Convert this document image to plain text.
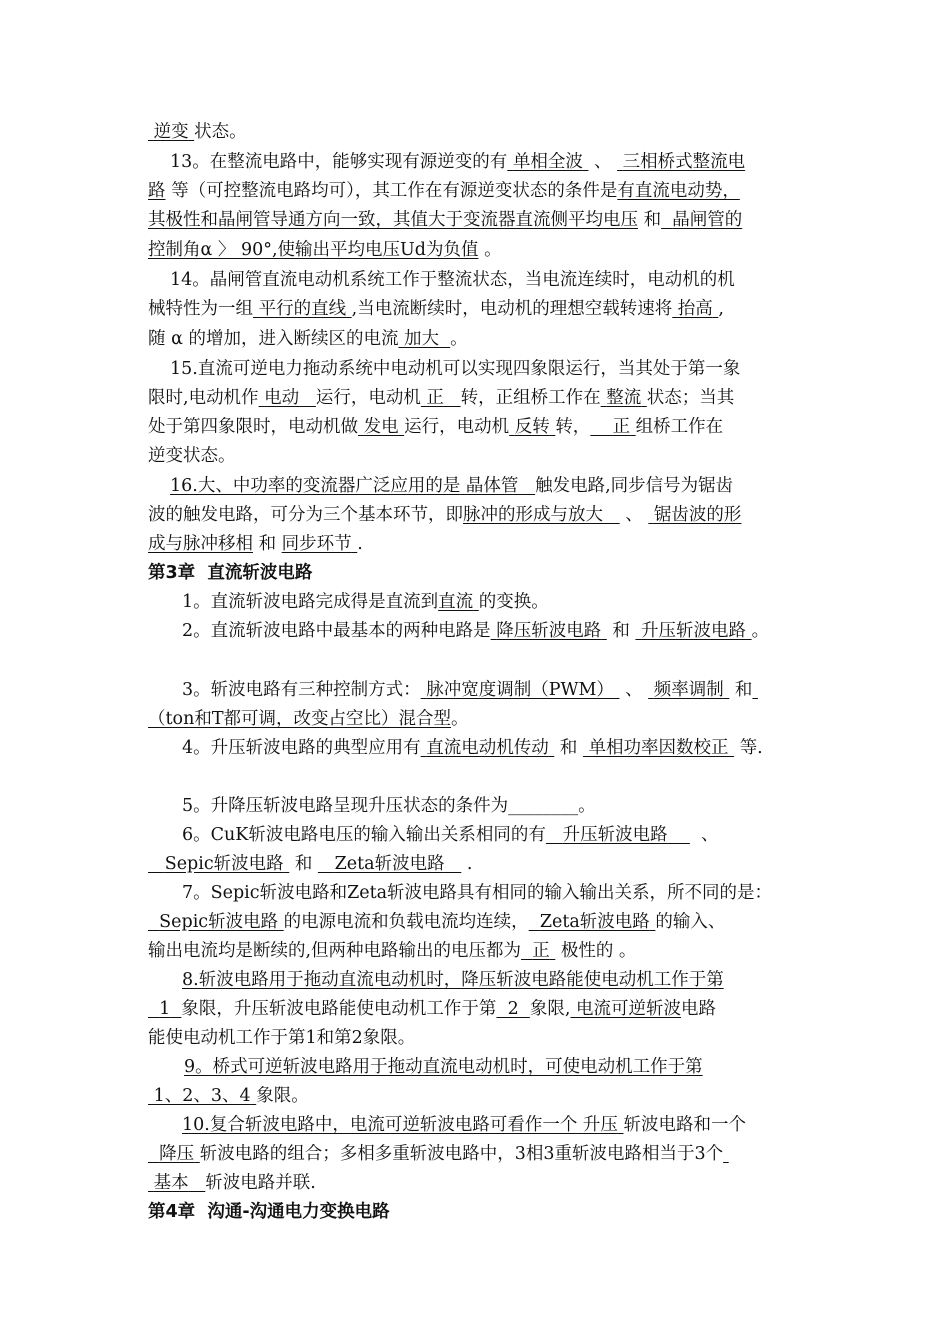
逆变 状态。
13。在整流电路中，能够实现有源逆变的有 单相全波 、 三相桥式整流电
路 等（可控整流电路均可），其工作在有源逆变状态的条件是有直流电动势，
其极性和晶闸管导通方向一致，其值大于变流器直流侧平均电压 和 晶闸管的
控制角α 〉 90°,使输出平均电压Ud为负值 。
14。晶闸管直流电动机系统工作于整流状态，当电流连续时，电动机的机
械特性为一组 平行的直线 ,当电流断续时，电动机的理想空载转速将 抬高 ,
随 α 的增加，进入断续区的电流 加大 。
15.直流可逆电力拖动系统中电动机可以实现四象限运行，当其处于第一象
限时,电动机作 电动 运行，电动机 正 转，正组桥工作在 整流 状态；当其
处于第四象限时，电动机做 发电 运行，电动机 反转 转， 正 组桥工作在
逆变状态。
16.大、中功率的变流器广泛应用的是 晶体管 触发电路,同步信号为锯齿
波的触发电路，可分为三个基本环节，即脉冲的形成与放大 、 锯齿波的形
成与脉冲移相 和 同步环节 .
第3章  直流斩波电路
1。直流斩波电路完成得是直流到直流 的变换。
2。直流斩波电路中最基本的两种电路是 降压斩波电路 和 升压斩波电路 。
3。斩波电路有三种控制方式： 脉冲宽度调制（PWM） 、 频率调制 和
（ton和T都可调，改变占空比）混合型。
4。升压斩波电路的典型应用有 直流电动机传动 和 单相功率因数校正 等.
5。升降压斩波电路呈现升压状态的条件为________。
6。CuK斩波电路电压的输入输出关系相同的有 升压斩波电路 、
Sepic斩波电路 和 Zeta斩波电路 .
7。Sepic斩波电路和Zeta斩波电路具有相同的输入输出关系，所不同的是：
Sepic斩波电路 的电源电流和负载电流均连续， Zeta斩波电路 的输入、
输出电流均是断续的,但两种电路输出的电压都为 正 极性的 。
8.斩波电路用于拖动直流电动机时，降压斩波电路能使电动机工作于第
1 象限，升压斩波电路能使电动机工作于第 2 象限, 电流可逆斩波电路
能使电动机工作于第1和第2象限。
9。桥式可逆斩波电路用于拖动直流电动机时，可使电动机工作于第
1、2、3、4 象限。
10.复合斩波电路中，电流可逆斩波电路可看作一个 升压 斩波电路和一个
降压 斩波电路的组合；多相多重斩波电路中，3相3重斩波电路相当于3个
基本 斩波电路并联.
第4章  沟通-沟通电力变换电路
